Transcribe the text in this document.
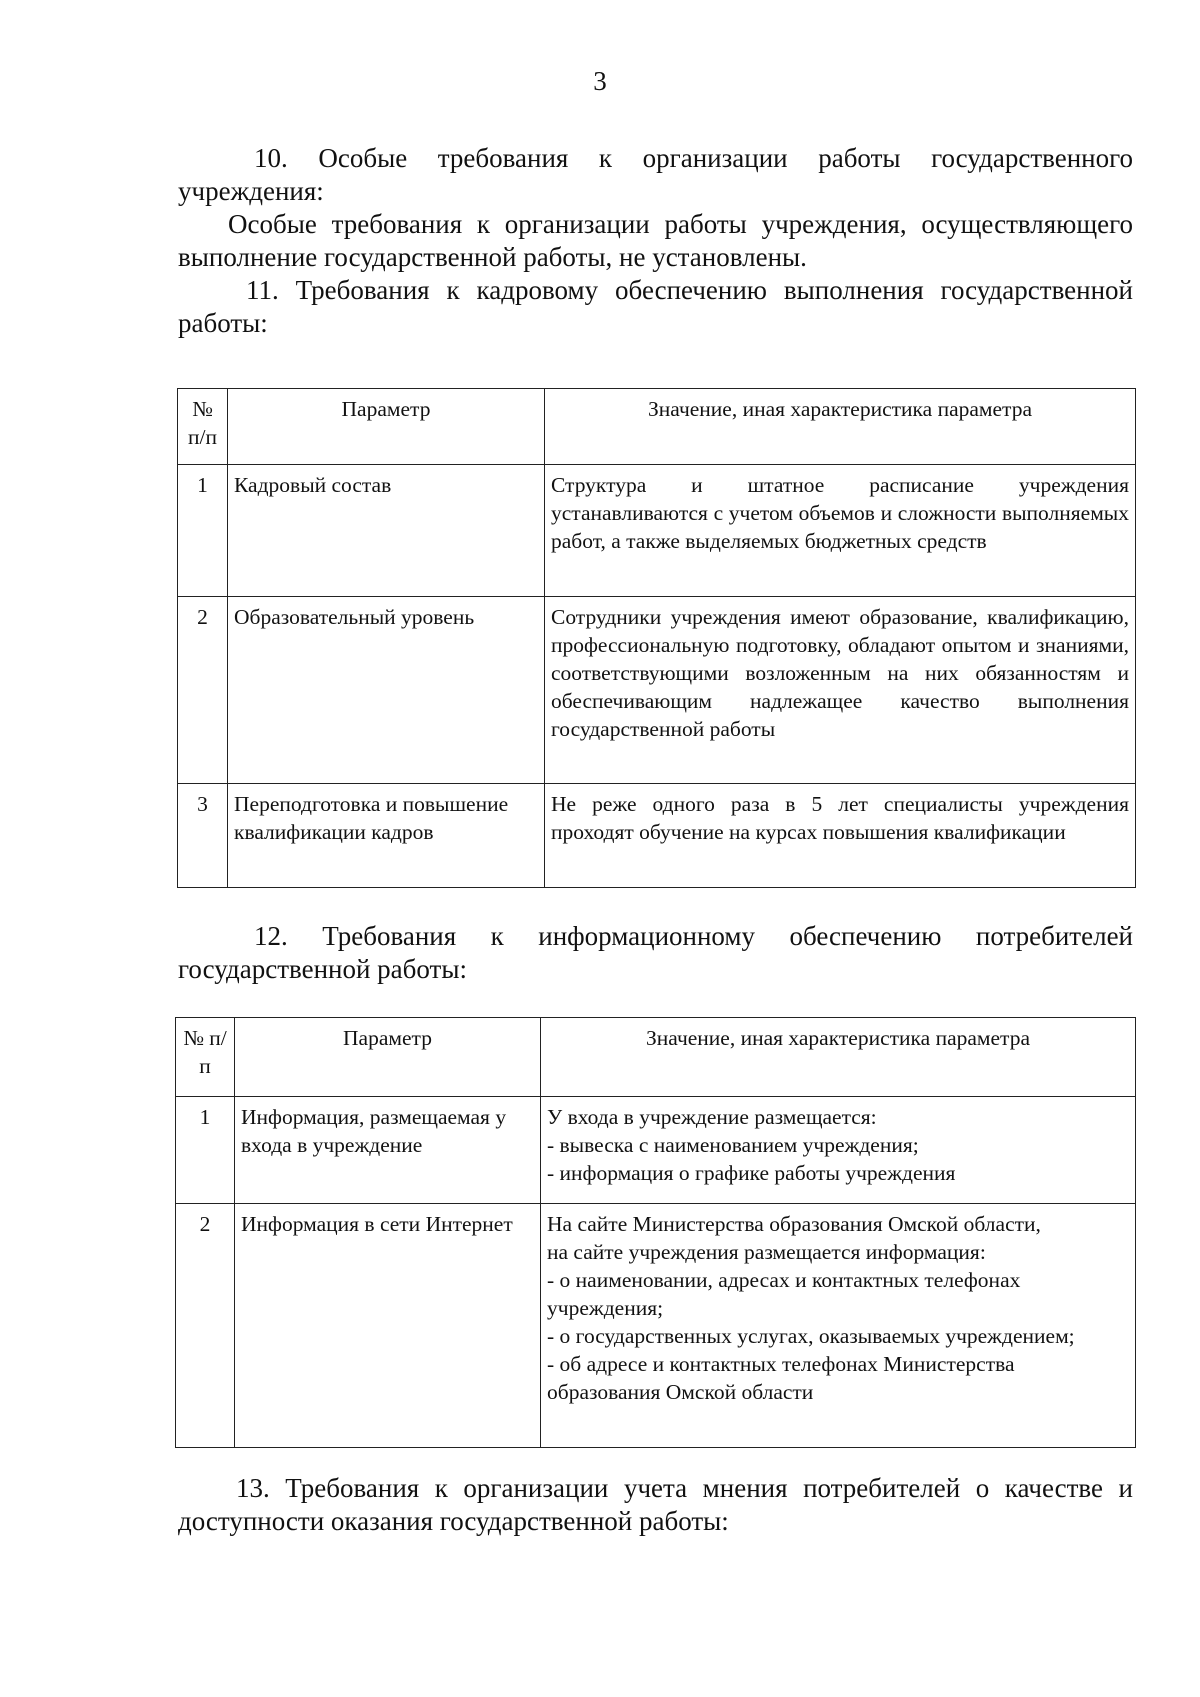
3

10. Особые требования к организации работы государственного учреждения:

Особые требования к организации работы учреждения, осуществляющего выполнение государственной работы, не установлены.

11. Требования к кадровому обеспечению выполнения государственной работы:

№ п/п	Параметр	Значение, иная характеристика параметра
1	Кадровый состав	Структура и штатное расписание учреждения устанавливаются с учетом объемов и сложности выполняемых работ, а также выделяемых бюджетных средств
2	Образовательный уровень	Сотрудники учреждения имеют образование, квалификацию, профессиональную подготовку, обладают опытом и знаниями, соответствующими возложенным на них обязанностям и обеспечивающим надлежащее качество выполнения государственной работы
3	Переподготовка и повышение квалификации кадров	Не реже одного раза в 5 лет специалисты учреждения проходят обучение на курсах повышения квалификации

12. Требования к информационному обеспечению потребителей государственной работы:

№ п/п	Параметр	Значение, иная характеристика параметра
1	Информация, размещаемая у входа в учреждение	У входа в учреждение размещается:
- вывеска с наименованием учреждения;
- информация о графике работы учреждения

2	Информация в сети Интернет	На сайте Министерства образования Омской области,
на сайте учреждения размещается информация:
- о наименовании, адресах и контактных телефонах учреждения;
- о государственных услугах, оказываемых учреждением;
- об адресе и контактных телефонах Министерства образования Омской области

13. Требования к организации учета мнения потребителей о качестве и доступности оказания государственной работы:
